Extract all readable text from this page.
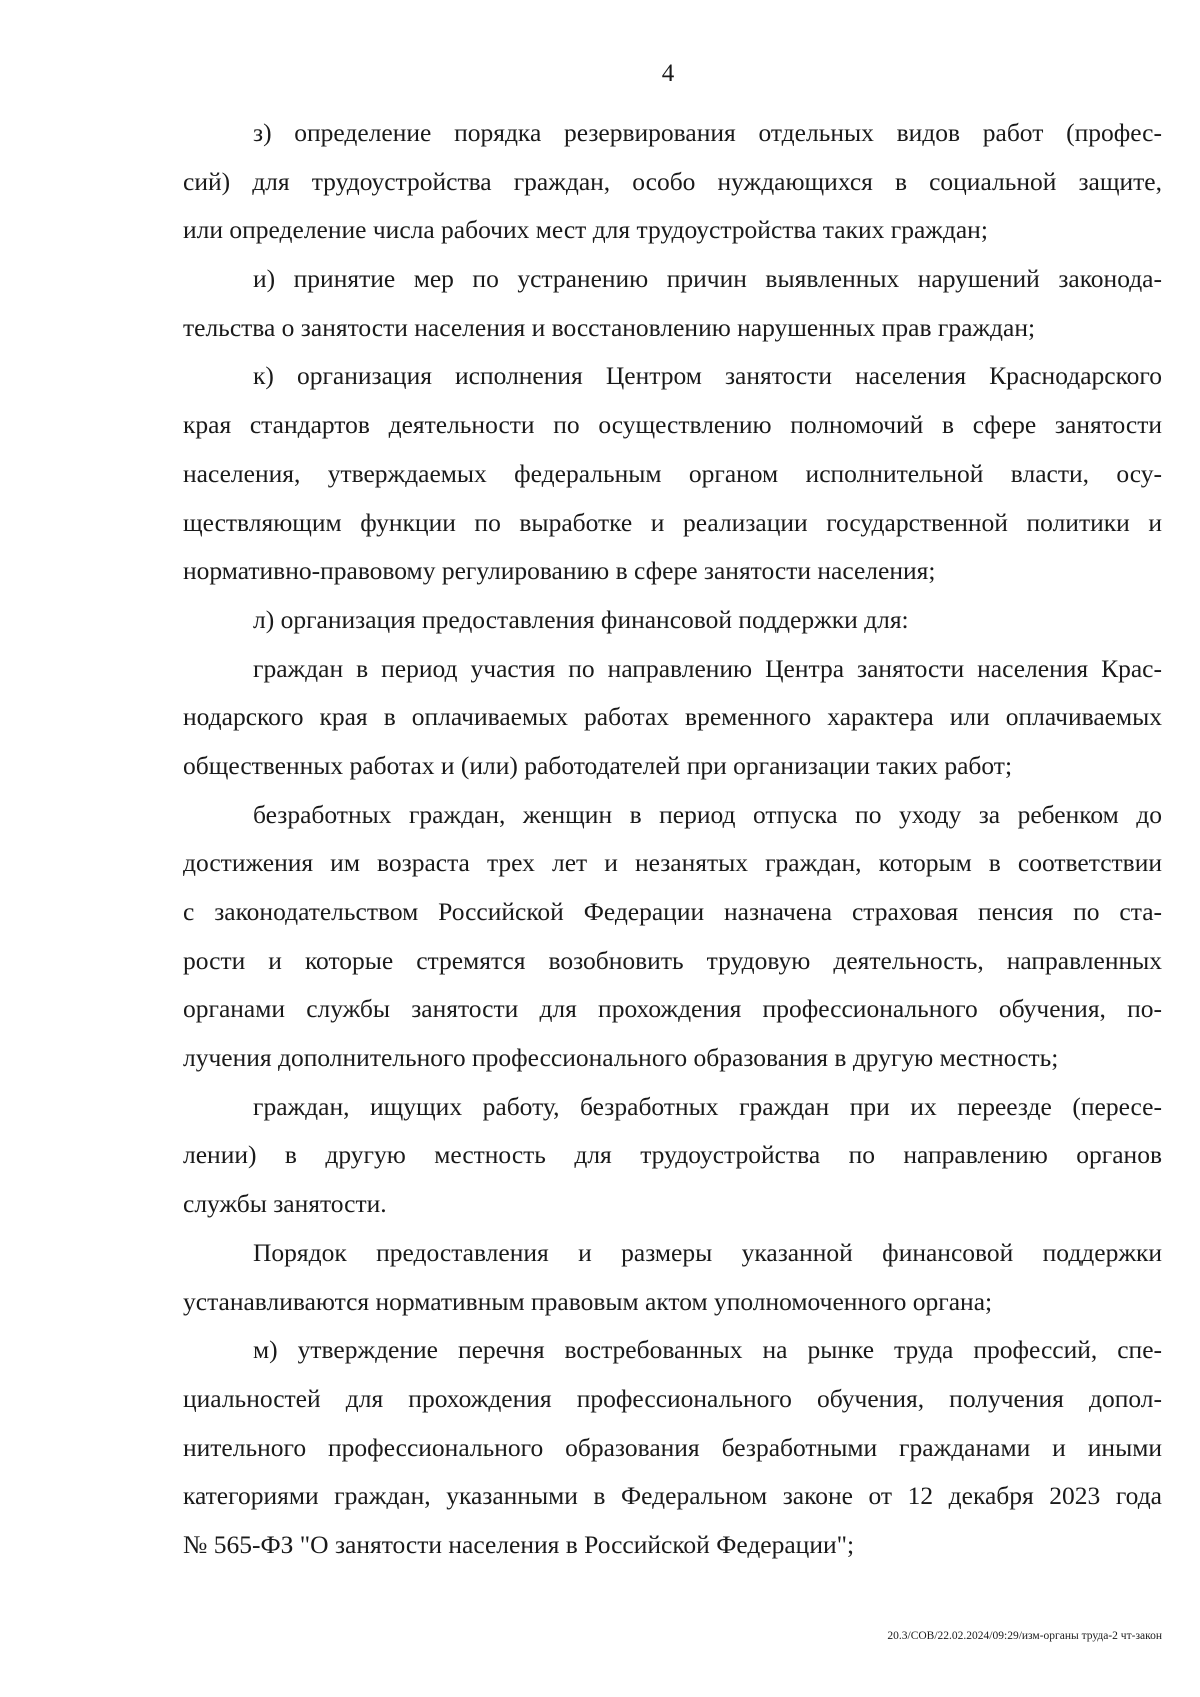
4
з) определение порядка резервирования отдельных видов работ (профес-
сий) для трудоустройства граждан, особо нуждающихся в социальной защите,
или определение числа рабочих мест для трудоустройства таких граждан;
и) принятие мер по устранению причин выявленных нарушений законода-
тельства о занятости населения и восстановлению нарушенных прав граждан;
к) организация исполнения Центром занятости населения Краснодарского
края стандартов деятельности по осуществлению полномочий в сфере занятости
населения, утверждаемых федеральным органом исполнительной власти, осу-
ществляющим функции по выработке и реализации государственной политики и
нормативно-правовому регулированию в сфере занятости населения;
л) организация предоставления финансовой поддержки для:
граждан в период участия по направлению Центра занятости населения Крас-
нодарского края в оплачиваемых работах временного характера или оплачиваемых
общественных работах и (или) работодателей при организации таких работ;
безработных граждан, женщин в период отпуска по уходу за ребенком до
достижения им возраста трех лет и незанятых граждан, которым в соответствии
с законодательством Российской Федерации назначена страховая пенсия по ста-
рости и которые стремятся возобновить трудовую деятельность, направленных
органами службы занятости для прохождения профессионального обучения, по-
лучения дополнительного профессионального образования в другую местность;
граждан, ищущих работу, безработных граждан при их переезде (пересе-
лении) в другую местность для трудоустройства по направлению органов
службы занятости.
Порядок предоставления и размеры указанной финансовой поддержки
устанавливаются нормативным правовым актом уполномоченного органа;
м) утверждение перечня востребованных на рынке труда профессий, спе-
циальностей для прохождения профессионального обучения, получения допол-
нительного профессионального образования безработными гражданами и иными
категориями граждан, указанными в Федеральном законе от 12 декабря 2023 года
№ 565-ФЗ "О занятости населения в Российской Федерации";
20.3/СОВ/22.02.2024/09:29/изм-органы труда-2 чт-закон
